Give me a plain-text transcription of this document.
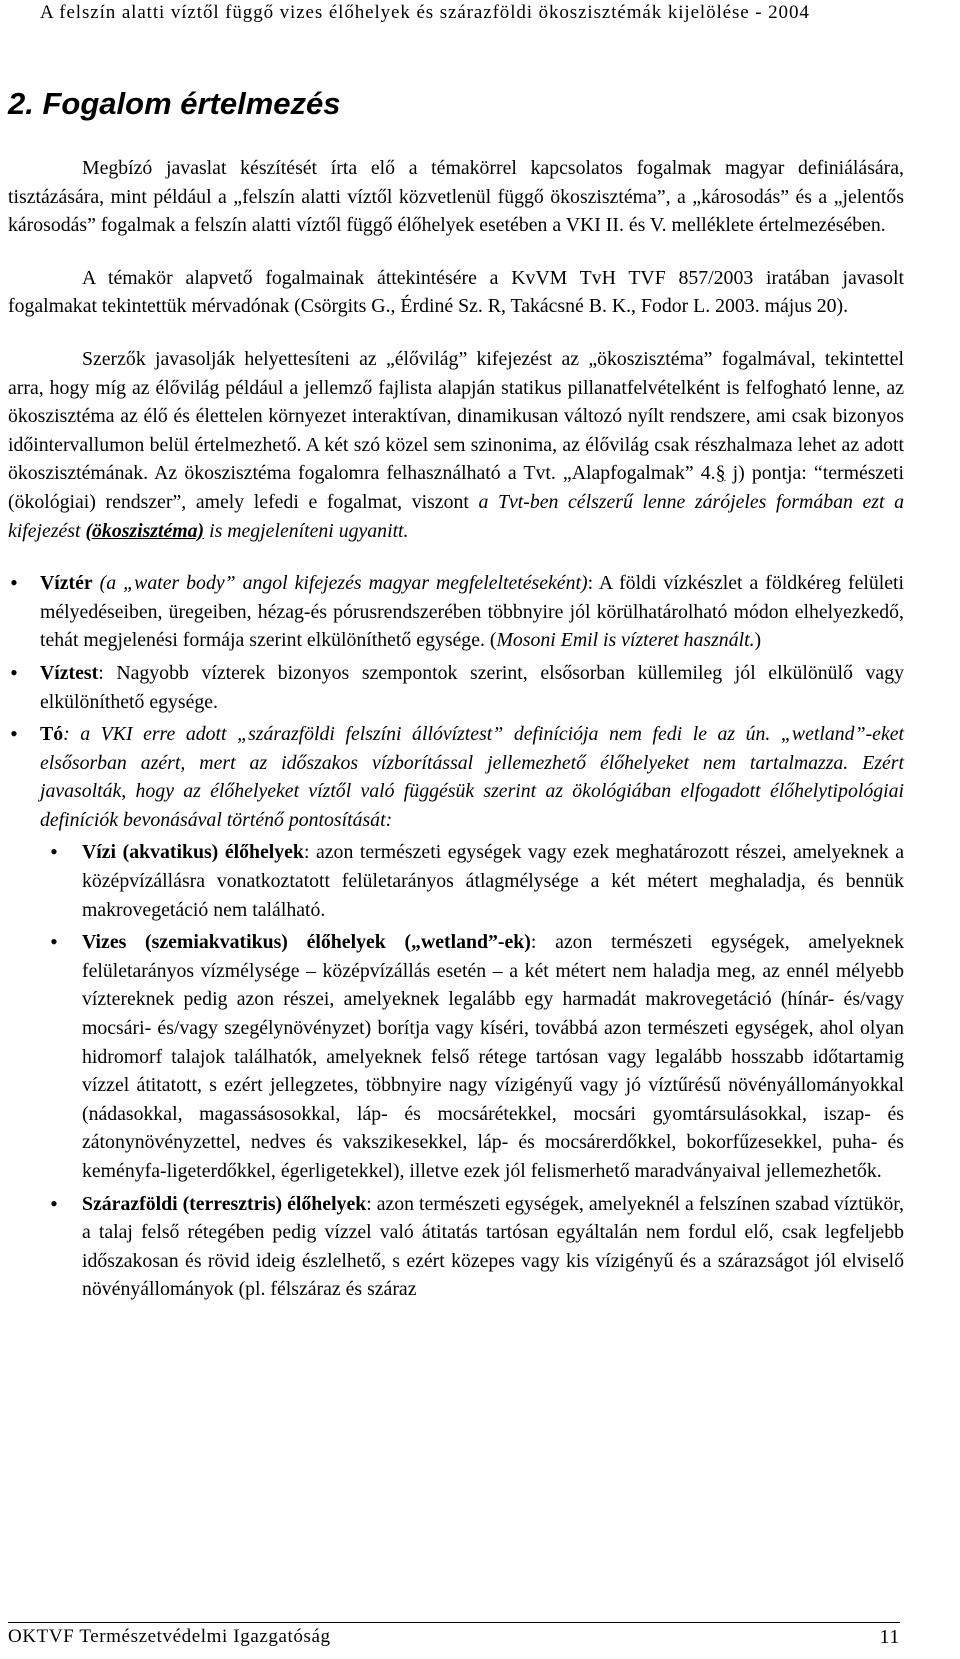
A felszín alatti víztől függő vizes élőhelyek és szárazföldi ökoszisztémák kijelölése - 2004
2. Fogalom értelmezés

Megbízó javaslat készítését írta elő a témakörrel kapcsolatos fogalmak magyar definiálására, tisztázására, mint például a „felszín alatti víztől közvetlenül függő ökoszisztéma”, a „károsodás” és a „jelentős károsodás” fogalmak a felszín alatti víztől függő élőhelyek esetében a VKI II. és V. melléklete értelmezésében.

A témakör alapvető fogalmainak áttekintésére a KvVM TvH TVF 857/2003 iratában javasolt fogalmakat tekintettük mérvadónak (Csörgits G., Érdiné Sz. R, Takácsné B. K., Fodor L. 2003. május 20).

Szerzők javasolják helyettesíteni az „élővilág” kifejezést az „ökoszisztéma” fogalmával, tekintettel arra, hogy míg az élővilág például a jellemző fajlista alapján statikus pillanatfelvételként is felfogható lenne, az ökoszisztéma az élő és élettelen környezet interaktívan, dinamikusan változó nyílt rendszere, ami csak bizonyos időintervallumon belül értelmezhető. A két szó közel sem szinonima, az élővilág csak részhalmaza lehet az adott ökoszisztémának. Az ökoszisztéma fogalomra felhasználható a Tvt. „Alapfogalmak” 4.§ j) pontja: “természeti (ökológiai) rendszer”, amely lefedi e fogalmat, viszont a Tvt-ben célszerű lenne zárójeles formában ezt a kifejezést (ökoszisztéma) is megjeleníteni ugyanitt.

•	Víztér (a „water body” angol kifejezés magyar megfeleltetéseként): A földi vízkészlet a földkéreg felületi mélyedéseiben, üregeiben, hézag-és pórusrendszerében többnyire jól körülhatárolható módon elhelyezkedő, tehát megjelenési formája szerint elkülöníthető egysége. (Mosoni Emil is vízteret használt.)
•	Víztest: Nagyobb vízterek bizonyos szempontok szerint, elsősorban küllemileg jól elkülönülő vagy elkülöníthető egysége.
•	Tó: a VKI erre adott „szárazföldi felszíni állóvíztest” definíciója nem fedi le az ún. „wetland”-eket elsősorban azért, mert az időszakos vízborítással jellemezhető élőhelyeket nem tartalmazza. Ezért javasolták, hogy az élőhelyeket víztől való függésük szerint az ökológiában elfogadott élőhelytipológiai definíciók bevonásával történő pontosítását:
•	Vízi (akvatikus) élőhelyek: azon természeti egységek vagy ezek meghatározott részei, amelyeknek a középvízállásra vonatkoztatott felületarányos átlagmélysége a két métert meghaladja, és bennük makrovegetáció nem található.
•	Vizes (szemiakvatikus) élőhelyek („wetland”-ek): azon természeti egységek, amelyeknek felületarányos vízmélysége – középvízállás esetén – a két métert nem haladja meg, az ennél mélyebb víztereknek pedig azon részei, amelyeknek legalább egy harmadát makrovegetáció (hínár- és/vagy mocsári- és/vagy szegélynövényzet) borítja vagy kíséri, továbbá azon természeti egységek, ahol olyan hidromorf talajok találhatók, amelyeknek felső rétege tartósan vagy legalább hosszabb időtartamig vízzel átitatott, s ezért jellegzetes, többnyire nagy vízigényű vagy jó víztűrésű növényállományokkal (nádasokkal, magassásosokkal, láp- és mocsárétekkel, mocsári gyomtársulásokkal, iszap- és zátonynövényzettel, nedves és vakszikesekkel, láp- és mocsárerdőkkel, bokorfűzesekkel, puha- és keményfa-ligeterdőkkel, égerligetekkel), illetve ezek jól felismerhető maradványaival jellemezhetők.
•	Szárazföldi (terresztris) élőhelyek: azon természeti egységek, amelyeknél a felszínen szabad víztükör, a talaj felső rétegében pedig vízzel való átitatás tartósan egyáltalán nem fordul elő, csak legfeljebb időszakosan és rövid ideig észlelhető, s ezért közepes vagy kis vízigényű és a szárazságot jól elviselő növényállományok (pl. félszáraz és száraz
OKTVF Természetvédelmi Igazgatóság	11
